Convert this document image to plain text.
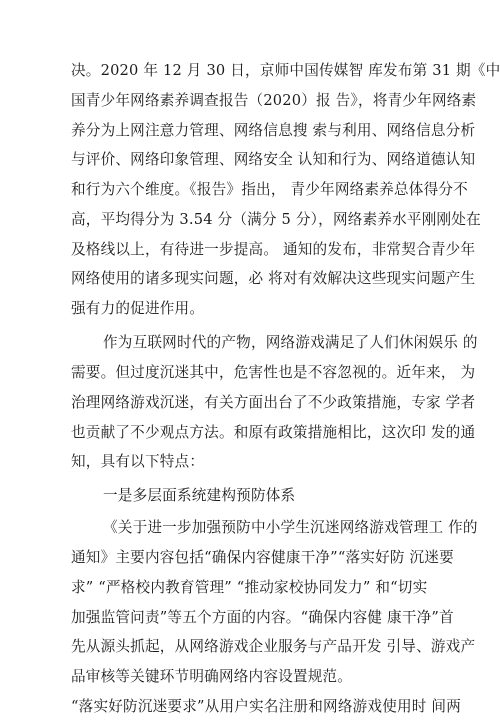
决。2020 年 12 月 30 日，京师中国传媒智 库发布第 31 期《中
国青少年网络素养调查报告（2020）报 告》，将青少年网络素
养分为上网注意力管理、网络信息搜 索与利用、网络信息分析
与评价、网络印象管理、网络安全 认知和行为、网络道德认知
和行为六个维度。《报告》指出， 青少年网络素养总体得分不
高，平均得分为 3.54 分（满分 5 分），网络素养水平刚刚处在
及格线以上，有待进一步提高。 通知的发布，非常契合青少年
网络使用的诸多现实问题，必 将对有效解决这些现实问题产生
强有力的促进作用。
作为互联网时代的产物，网络游戏满足了人们休闲娱乐 的
需要。但过度沉迷其中，危害性也是不容忽视的。近年来， 为
治理网络游戏沉迷，有关方面出台了不少政策措施，专家 学者
也贡献了不少观点方法。和原有政策措施相比，这次印 发的通
知，具有以下特点：
一是多层面系统建构预防体系
《关于进一步加强预防中小学生沉迷网络游戏管理工 作的
通知》主要内容包括“确保内容健康干净”“落实好防 沉迷要
求” “严格校内教育管理” “推动家校协同发力” 和“切实
加强监管问责”等五个方面的内容。“确保内容健 康干净”首
先从源头抓起，从网络游戏企业服务与产品开发 引导、游戏产
品审核等关键环节明确网络内容设置规范。
“落实好防沉迷要求”从用户实名注册和网络游戏使用时 间两
